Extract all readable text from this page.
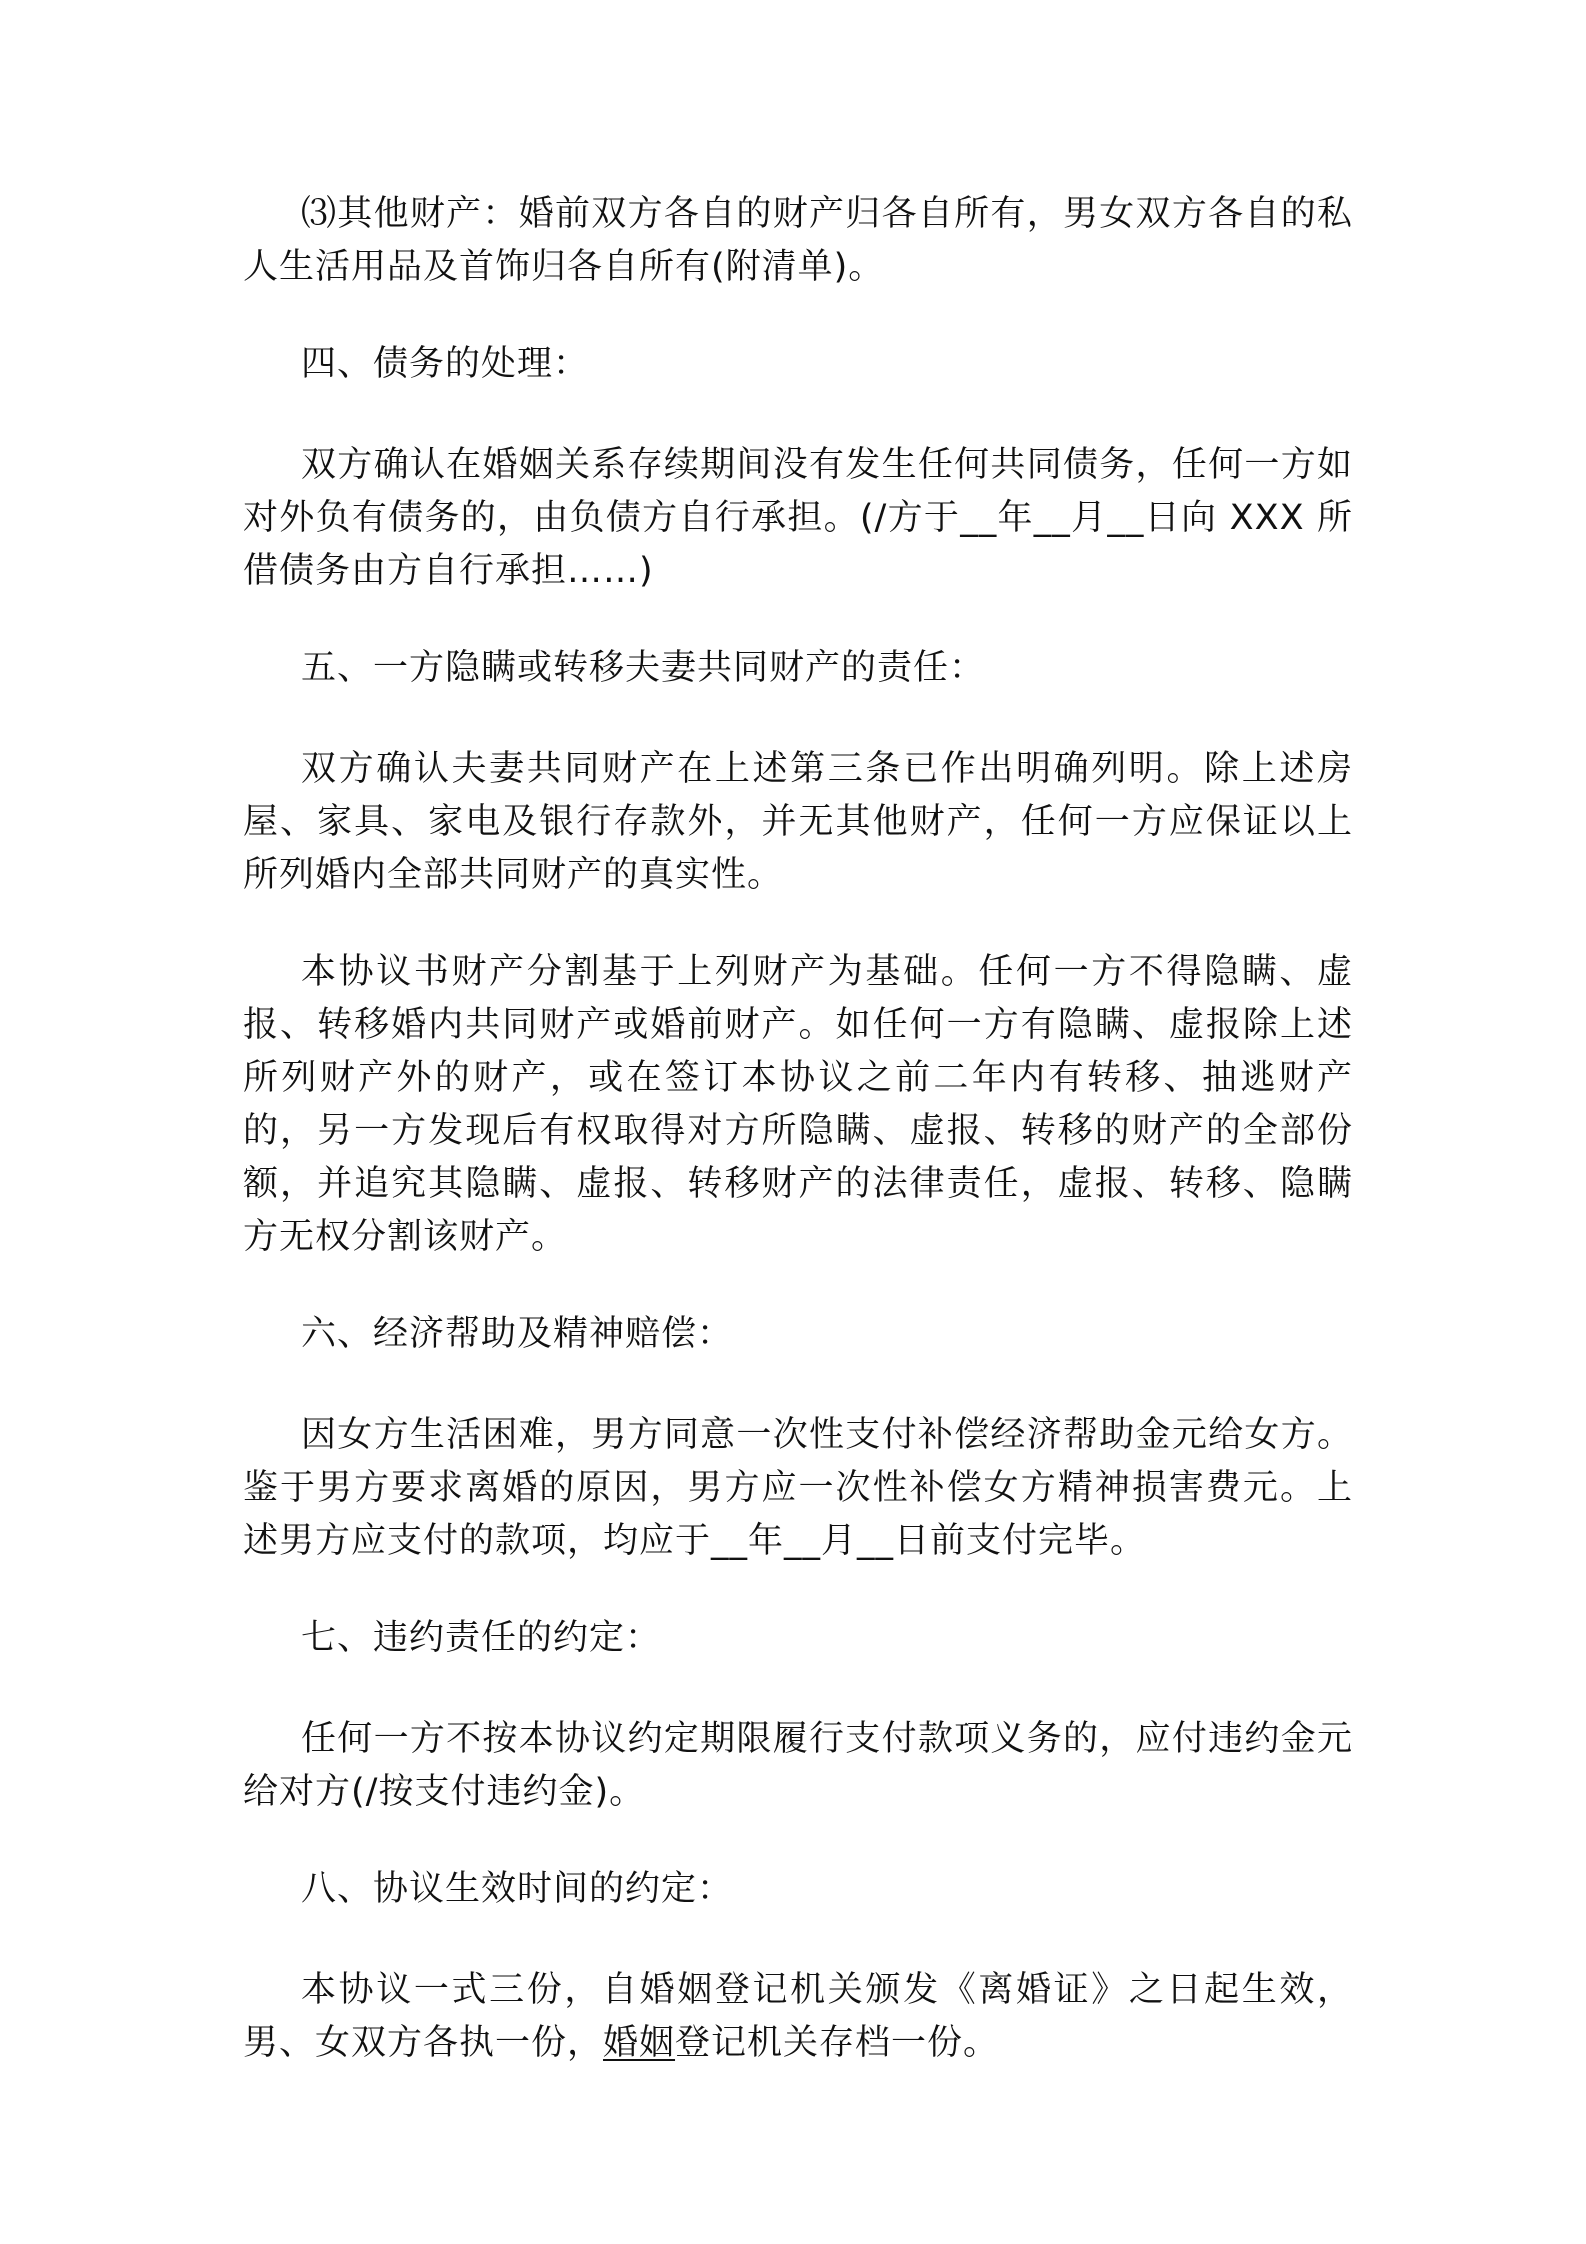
⑶其他财产：婚前双方各自的财产归各自所有，男女双方各自的私人生活用品及首饰归各自所有(附清单)。

四、债务的处理：

双方确认在婚姻关系存续期间没有发生任何共同债务，任何一方如对外负有债务的，由负债方自行承担。(/方于__年__月__日向 XXX 所借债务由方自行承担……)

五、一方隐瞒或转移夫妻共同财产的责任：

双方确认夫妻共同财产在上述第三条已作出明确列明。除上述房屋、家具、家电及银行存款外，并无其他财产，任何一方应保证以上所列婚内全部共同财产的真实性。

本协议书财产分割基于上列财产为基础。任何一方不得隐瞒、虚报、转移婚内共同财产或婚前财产。如任何一方有隐瞒、虚报除上述所列财产外的财产，或在签订本协议之前二年内有转移、抽逃财产的，另一方发现后有权取得对方所隐瞒、虚报、转移的财产的全部份额，并追究其隐瞒、虚报、转移财产的法律责任，虚报、转移、隐瞒方无权分割该财产。

六、经济帮助及精神赔偿：

因女方生活困难，男方同意一次性支付补偿经济帮助金元给女方。鉴于男方要求离婚的原因，男方应一次性补偿女方精神损害费元。上述男方应支付的款项，均应于__年__月__日前支付完毕。

七、违约责任的约定：

任何一方不按本协议约定期限履行支付款项义务的，应付违约金元给对方(/按支付违约金)。

八、协议生效时间的约定：

本协议一式三份，自婚姻登记机关颁发《离婚证》之日起生效，男、女双方各执一份，婚姻登记机关存档一份。
